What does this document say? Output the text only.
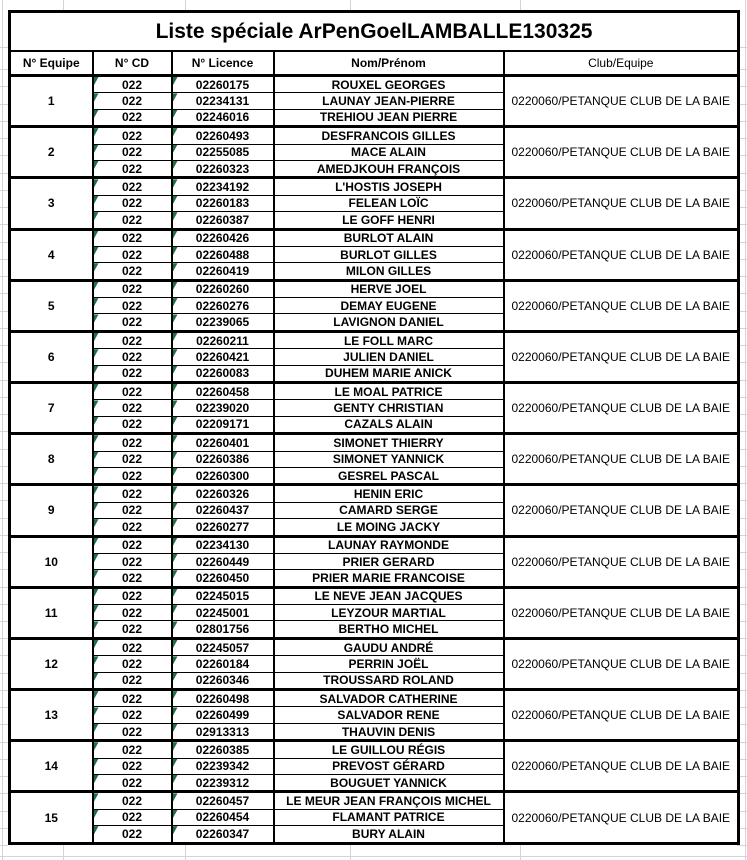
Liste spéciale ArPenGoelLAMBALLE130325				
N° Equipe	N° CD	N° Licence	Nom/Prénom	Club/Equipe
1	022	02260175	ROUXEL GEORGES	0220060/PETANQUE CLUB DE LA BAIE

022	02234131	LAUNAY JEAN-PIERRE	

022	02246016	TREHIOU JEAN PIERRE	
2	022	02260493	DESFRANCOIS GILLES	0220060/PETANQUE CLUB DE LA BAIE

022	02255085	MACE ALAIN	

022	02260323	AMEDJKOUH FRANÇOIS	
3	022	02234192	L'HOSTIS JOSEPH	0220060/PETANQUE CLUB DE LA BAIE

022	02260183	FELEAN LOÏC	

022	02260387	LE GOFF HENRI	
4	022	02260426	BURLOT ALAIN	0220060/PETANQUE CLUB DE LA BAIE

022	02260488	BURLOT GILLES	

022	02260419	MILON GILLES	
5	022	02260260	HERVE JOEL	0220060/PETANQUE CLUB DE LA BAIE

022	02260276	DEMAY EUGENE	

022	02239065	LAVIGNON DANIEL	
6	022	02260211	LE FOLL MARC	0220060/PETANQUE CLUB DE LA BAIE

022	02260421	JULIEN DANIEL	

022	02260083	DUHEM MARIE ANICK	
7	022	02260458	LE MOAL PATRICE	0220060/PETANQUE CLUB DE LA BAIE

022	02239020	GENTY CHRISTIAN	

022	02209171	CAZALS ALAIN	
8	022	02260401	SIMONET THIERRY	0220060/PETANQUE CLUB DE LA BAIE

022	02260386	SIMONET YANNICK	

022	02260300	GESREL PASCAL	
9	022	02260326	HENIN ERIC	0220060/PETANQUE CLUB DE LA BAIE

022	02260437	CAMARD SERGE	

022	02260277	LE MOING JACKY	
10	022	02234130	LAUNAY RAYMONDE	0220060/PETANQUE CLUB DE LA BAIE

022	02260449	PRIER GERARD	

022	02260450	PRIER MARIE FRANCOISE	
11	022	02245015	LE NEVE JEAN JACQUES	0220060/PETANQUE CLUB DE LA BAIE

022	02245001	LEYZOUR MARTIAL	

022	02801756	BERTHO MICHEL	
12	022	02245057	GAUDU ANDRÉ	0220060/PETANQUE CLUB DE LA BAIE

022	02260184	PERRIN JOËL	

022	02260346	TROUSSARD ROLAND	
13	022	02260498	SALVADOR CATHERINE	0220060/PETANQUE CLUB DE LA BAIE

022	02260499	SALVADOR RENE	

022	02913313	THAUVIN DENIS	
14	022	02260385	LE GUILLOU RÉGIS	0220060/PETANQUE CLUB DE LA BAIE

022	02239342	PREVOST GÉRARD	

022	02239312	BOUGUET YANNICK	
15	022	02260457	LE MEUR JEAN FRANÇOIS MICHEL	0220060/PETANQUE CLUB DE LA BAIE

022	02260454	FLAMANT PATRICE	

022	02260347	BURY ALAIN	
